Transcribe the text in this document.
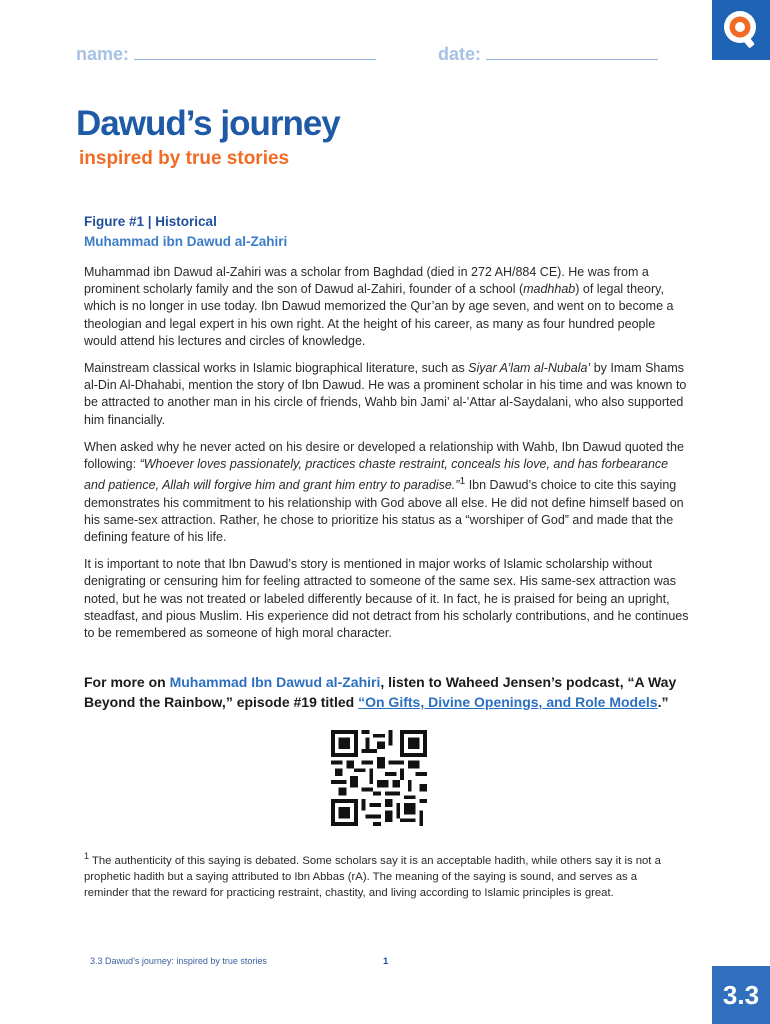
name:	date:
Dawud’s journey
inspired by true stories
Figure #1 | Historical
Muhammad ibn Dawud al-Zahiri

Muhammad ibn Dawud al-Zahiri was a scholar from Baghdad (died in 272 AH/884 CE). He was from a prominent scholarly family and the son of Dawud al-Zahiri, founder of a school (madhhab) of legal theory, which is no longer in use today. Ibn Dawud memorized the Qur’an by age seven, and went on to become a theologian and legal expert in his own right. At the height of his career, as many as four hundred people would attend his lectures and circles of knowledge.

Mainstream classical works in Islamic biographical literature, such as Siyar A’lam al-Nubala’ by Imam Shams al-Din Al-Dhahabi, mention the story of Ibn Dawud. He was a prominent scholar in his time and was known to be attracted to another man in his circle of friends, Wahb bin Jami’ al-’Attar al-Saydalani, who also supported him financially.

When asked why he never acted on his desire or developed a relationship with Wahb, Ibn Dawud quoted the following: “Whoever loves passionately, practices chaste restraint, conceals his love, and has forbearance and patience, Allah will forgive him and grant him entry to paradise.”$^1$ Ibn Dawud’s choice to cite this saying demonstrates his commitment to his relationship with God above all else. He did not define himself based on his same-sex attraction. Rather, he chose to prioritize his status as a “worshiper of God” and made that the defining feature of his life.

It is important to note that Ibn Dawud’s story is mentioned in major works of Islamic scholarship without denigrating or censuring him for feeling attracted to someone of the same sex. His same-sex attraction was noted, but he was not treated or labeled differently because of it. In fact, he is praised for being an upright, steadfast, and pious Muslim. His experience did not detract from his scholarly contributions, and he continues to be remembered as someone of high moral character.

For more on Muhammad Ibn Dawud al-Zahiri, listen to Waheed Jensen’s podcast, “A Way Beyond the Rainbow,” episode #19 titled “On Gifts, Divine Openings, and Role Models.”
$^1$ The authenticity of this saying is debated. Some scholars say it is an acceptable hadith, while others say it is not a prophetic hadith but a saying attributed to Ibn Abbas (rA). The meaning of the saying is sound, and serves as a reminder that the reward for practicing restraint, chastity, and living according to Islamic principles is great.
3.3 Dawud’s journey: inspired by true stories	1
3.3
